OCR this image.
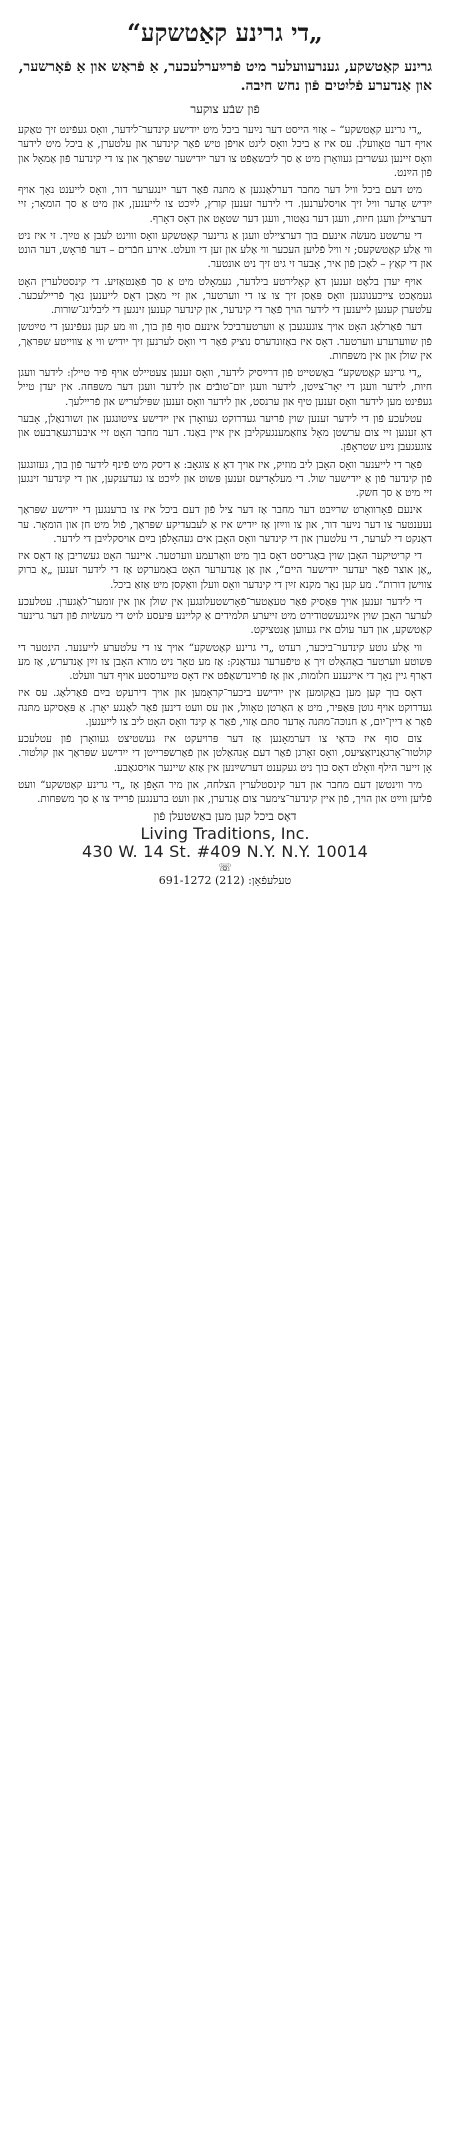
„די גרינע קאַטשקע“
גרינע קאַטשקע, גענרעוועלער מיט פֿרײַערלעכער, אַ פֿראַש און אַ פֿאָרשער, און אַנדערע פֿליִטים פֿון נחש חיבה.
פֿון שבֿע צוקער

„די גרינע קאַטשקע“ – אַזוי הייסט דער נײַער ביכל מיט ייִדישע קינדער־לידער, וואָס געפֿינט זיך טאַקע אויף דער טאָוועלן. עס איז אַ ביכל וואָס ליגט אויפֿן טיש פֿאַר קינדער און עלטערן, אַ ביכל מיט לידער וואָס זיינען געשריבן געוואָרן מיט אַ סך ליבשאַפֿט צו דער ייִדישער שפּראַך און צו די קינדער פֿון אַמאָל און פֿון הײַנט.

מיט דעם ביכל וויל דער מחבר דערלאַנגען אַ מתּנה פֿאַר דער ייִנגערער דור, וואָס לייענט נאָך אויף ייִדיש אָדער וויל זיך אויסלערנען. די לידער זענען קורץ, לײַכט צו לייענען, און מיט אַ סך הומאָר; זיי דערציילן וועגן חיות, וועגן דער נאַטור, וועגן דער שטאָט און דאָס דאָרף.

די ערשטע מעשׂה אינעם בוך דערציילט וועגן אַ גרינער קאַטשקע וואָס וווינט לעבן אַ טײַך. זי איז ניט ווי אַלע קאַטשקעס; זי וויל פֿליִען העכער ווי אַלע און זען די וועלט. אירע חבֿרים – דער פֿראָש, דער הונט און די קאַץ – לאַכן פֿון איר, אָבער זי גיט זיך ניט אונטער.

אויף יעדן בלאַט זענען דאָ קאָלירטע בילדער, געמאָלט מיט אַ סך פֿאַנטאַזיע. די קינסטלערין האָט געמאַכט צייכענונגען וואָס פּאַסן זיך צו צו די ווערטער, און זיי מאַכן דאָס לייענען נאָך פֿריילעכער. עלטערן קענען לייענען די לידער הויך פֿאַר די קינדער, און קינדער קענען זינגען די ליבלינג־שורות.

דער פֿאַרלאַג האָט אויך צוגעגעבן אַ ווערטערביכל אינעם סוף פֿון בוך, וווּ מע קען געפֿינען די טײַטשן פֿון שווערערע ווערטער. דאָס איז באַזונדערס נוציק פֿאַר די וואָס לערנען זיך ייִדיש ווי אַ צווייטע שפּראַך, אין שולן און אין משפּחות.

„די גרינע קאַטשקע“ באַשטייט פֿון דרײַסיק לידער, וואָס זענען צעטיילט אויף פֿיר טיילן: לידער וועגן חיות, לידער וועגן די יאָר־צײַטן, לידער וועגן יום־טובֿים און לידער וועגן דער משפּחה. אין יעדן טייל געפֿינט מען לידער וואָס זענען טיף און ערנסט, און לידער וואָס זענען שפּילעריש און פֿריילעך.

עטלעכע פֿון די לידער זענען שוין פֿריִער געדרוקט געוואָרן אין ייִדישע צײַטונגען און זשורנאַלן, אָבער דאָ זענען זיי צום ערשטן מאָל צוזאַמענגעקליבן אין איין באַנד. דער מחבר האָט זיי איבערגעאַרבעט און צוגעגעבן נײַע שטראָפֿן.

פֿאַר די לייענער וואָס האָבן ליב מוזיק, איז אויך דאָ אַ צוגאָב: אַ דיסק מיט פֿינף לידער פֿון בוך, געזונגען פֿון קינדער פֿון אַ ייִדישער שול. די מעלאָדיעס זענען פּשוט און לײַכט צו געדענקען, און די קינדער זינגען זיי מיט אַ סך חשק.

אינעם פֿאָרוואָרט שרײַבט דער מחבר אַז דער ציל פֿון דעם ביכל איז צו ברענגען די ייִדישע שפּראַך נעענטער צו דער נײַער דור, און צו ווײַזן אַז ייִדיש איז אַ לעבעדיקע שפּראַך, פֿול מיט חן און הומאָר. ער דאַנקט די לערער, די עלטערן און די קינדער וואָס האָבן אים געהאָלפֿן בײַם אויסקלײַבן די לידער.

די קריטיקער האָבן שוין באַגריסט דאָס בוך מיט וואַרעמע ווערטער. איינער האָט געשריבן אַז דאָס איז „אַן אוצר פֿאַר יעדער ייִדישער היים“, און אַן אַנדערער האָט באַמערקט אַז די לידער זענען „אַ ברוק צווישן דורות“. מע קען נאָר מקנא זײַן די קינדער וואָס וועלן וואַקסן מיט אַזאַ ביכל.

די לידער זענען אויך פּאַסיק פֿאַר טעאַטער־פֿאָרשטעלונגען אין שולן און אין זומער־לאַגערן. עטלעכע לערער האָבן שוין אײַנגעשטודירט מיט זייערע תּלמידים אַ קליינע פּיעסע לויט די מעשׂיות פֿון דער גרינער קאַטשקע, און דער עולם איז געווען אַנטציקט.

ווי אַלע גוטע קינדער־ביכער, רעדט „די גרינע קאַטשקע“ אויך צו די עלטערע לייענער. הינטער די פּשוטע ווערטער באַהאַלט זיך אַ טיפֿערער געדאַנק: אַז מע טאָר ניט מורא האָבן צו זײַן אַנדערש, אַז מע דאַרף גיין נאָך די אייגענע חלומות, און אַז פֿרײַנדשאַפֿט איז דאָס טײַערסטע אויף דער וועלט.

דאָס בוך קען מען באַקומען אין ייִדישע ביכער־קראָמען און אויך דירעקט בײַם פֿאַרלאַג. עס איז געדרוקט אויף גוטן פּאַפּיר, מיט אַ האַרטן טאָוול, און עס וועט דינען פֿאַר לאַנגע יאָרן. אַ פּאַסיקע מתּנה פֿאַר אַ דיין־יום, אַ חנוכּה־מתּנה אָדער סתּם אַזוי, פֿאַר אַ קינד וואָס האָט ליב צו לייענען.

צום סוף איז כּדאַי צו דערמאָנען אַז דער פּרויעקט איז געשטיצט געוואָרן פֿון עטלעכע קולטור־אָרגאַניזאַציעס, וואָס זאָרגן פֿאַר דעם אָנהאַלטן און פֿאַרשפּרייטן די ייִדישע שפּראַך און קולטור. אָן זייער הילף וואָלט דאָס בוך ניט געקענט דערשײַנען אין אַזאַ שיינער אויסגאַבע.

מיר ווינטשן דעם מחבר און דער קינסטלערין הצלחה, און מיר האָפֿן אַז „די גרינע קאַטשקע“ וועט פֿליִען ווײַט און הויך, פֿון איין קינדער־צימער צום אַנדערן, און וועט ברענגען פֿרייד צו אַ סך משפּחות.

דאָס ביכל קען מען באַשטעלן פֿון
Living Traditions, Inc.
430 W. 14 St. #409 N.Y. N.Y. 10014
☏
טעלעפֿאָן: (212) 691-1272
